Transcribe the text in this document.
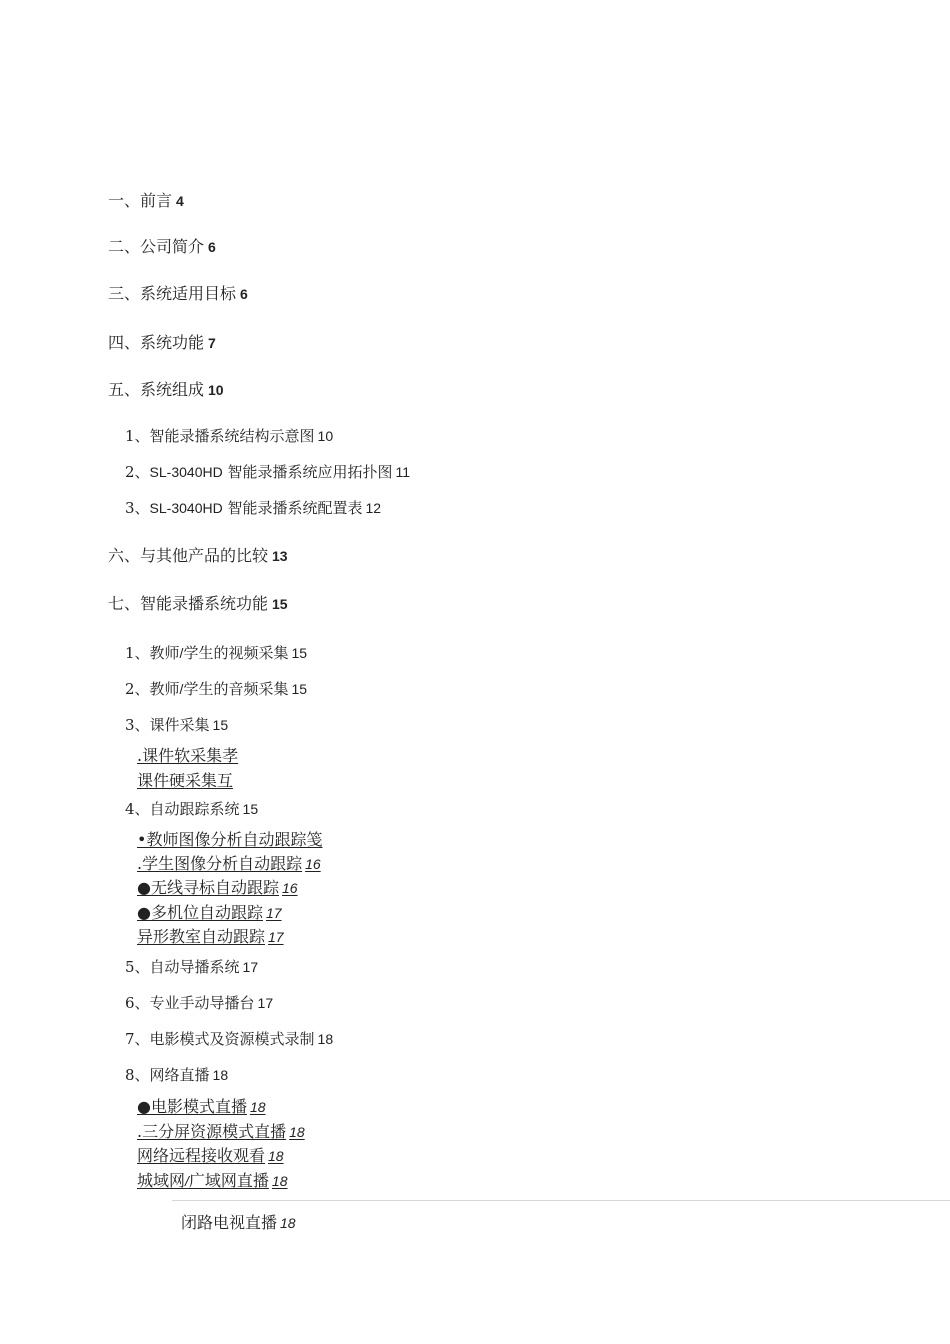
一、前言 4
二、公司简介 6
三、系统适用目标 6
四、系统功能 7
五、系统组成 10
1、智能录播系统结构示意图 10
2、SL-3040HD 智能录播系统应用拓扑图 11
3、SL-3040HD 智能录播系统配置表 12
六、与其他产品的比较 13
七、智能录播系统功能 15
1、教师/学生的视频采集 15
2、教师/学生的音频采集 15
3、课件采集 15
.课件软采集孝
课件硬采集互
4、自动跟踪系统 15
•教师图像分析自动跟踪笺
.学生图像分析自动跟踪 16
●无线寻标自动跟踪 16
●多机位自动跟踪 17
异形教室自动跟踪 17
5、自动导播系统 17
6、专业手动导播台 17
7、电影模式及资源模式录制 18
8、网络直播 18
●电影模式直播 18
.三分屏资源模式直播 18
网络远程接收观看 18
城域网/广域网直播 18
闭路电视直播 18
